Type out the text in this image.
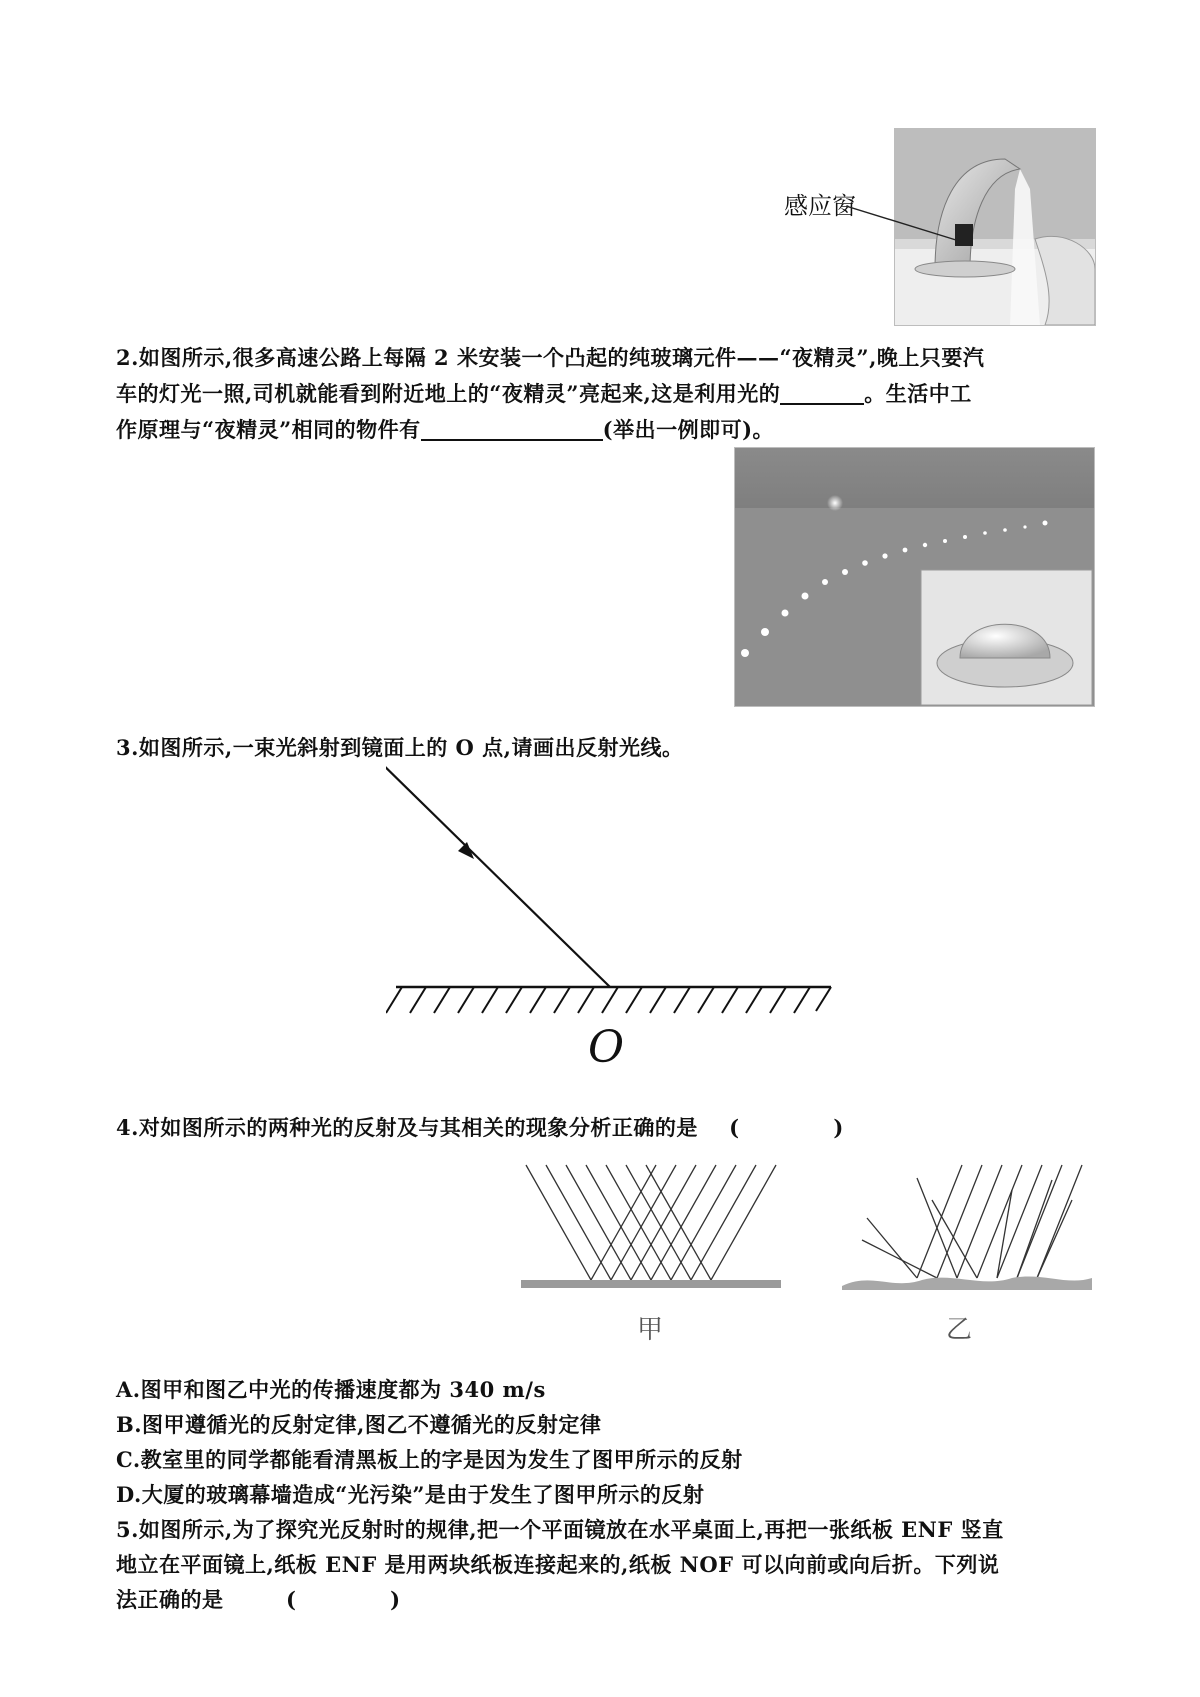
感应窗
2.如图所示,很多高速公路上每隔 2 米安装一个凸起的纯玻璃元件——“夜精灵”,晚上只要汽
车的灯光一照,司机就能看到附近地上的“夜精灵”亮起来,这是利用光的	。生活中工
作原理与“夜精灵”相同的物件有	(举出一例即可)。
3.如图所示,一束光斜射到镜面上的 O 点,请画出反射光线。
O
4.对如图所示的两种光的反射及与其相关的现象分析正确的是 (            )
甲	乙
A.图甲和图乙中光的传播速度都为 340 m/s
B.图甲遵循光的反射定律,图乙不遵循光的反射定律
C.教室里的同学都能看清黑板上的字是因为发生了图甲所示的反射
D.大厦的玻璃幕墙造成“光污染”是由于发生了图甲所示的反射
5.如图所示,为了探究光反射时的规律,把一个平面镜放在水平桌面上,再把一张纸板 ENF 竖直
地立在平面镜上,纸板 ENF 是用两块纸板连接起来的,纸板 NOF 可以向前或向后折。下列说
法正确的是	(            )
